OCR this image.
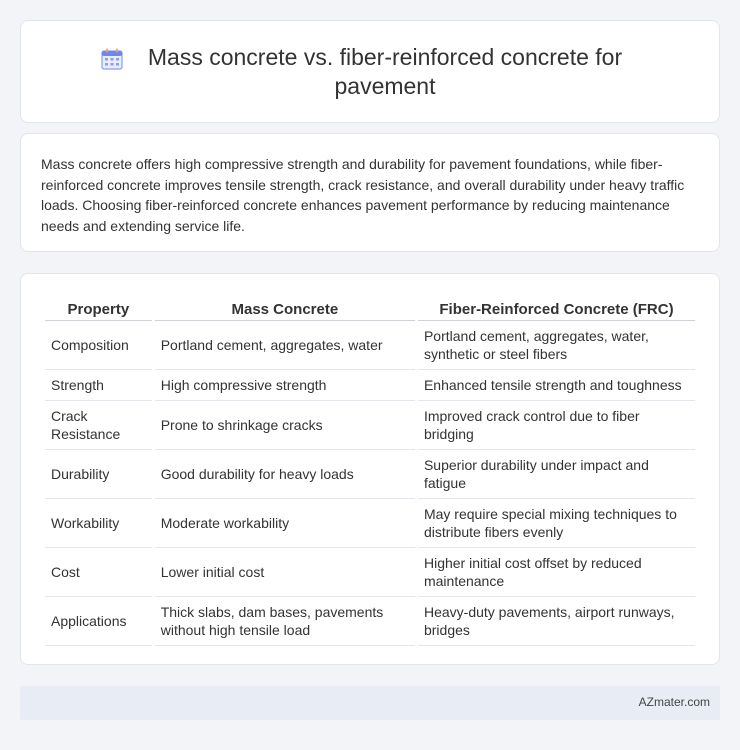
Mass concrete vs. fiber-reinforced concrete for pavement

Mass concrete offers high compressive strength and durability for pavement foundations, while fiber-reinforced concrete improves tensile strength, crack resistance, and overall durability under heavy traffic loads. Choosing fiber-reinforced concrete enhances pavement performance by reducing maintenance needs and extending service life.

Property	Mass Concrete	Fiber-Reinforced Concrete (FRC)
Composition	Portland cement, aggregates, water	Portland cement, aggregates, water, synthetic or steel fibers
Strength	High compressive strength	Enhanced tensile strength and toughness
Crack Resistance	Prone to shrinkage cracks	Improved crack control due to fiber bridging
Durability	Good durability for heavy loads	Superior durability under impact and fatigue
Workability	Moderate workability	May require special mixing techniques to distribute fibers evenly
Cost	Lower initial cost	Higher initial cost offset by reduced maintenance
Applications	Thick slabs, dam bases, pavements without high tensile load	Heavy-duty pavements, airport runways, bridges
AZmater.com
